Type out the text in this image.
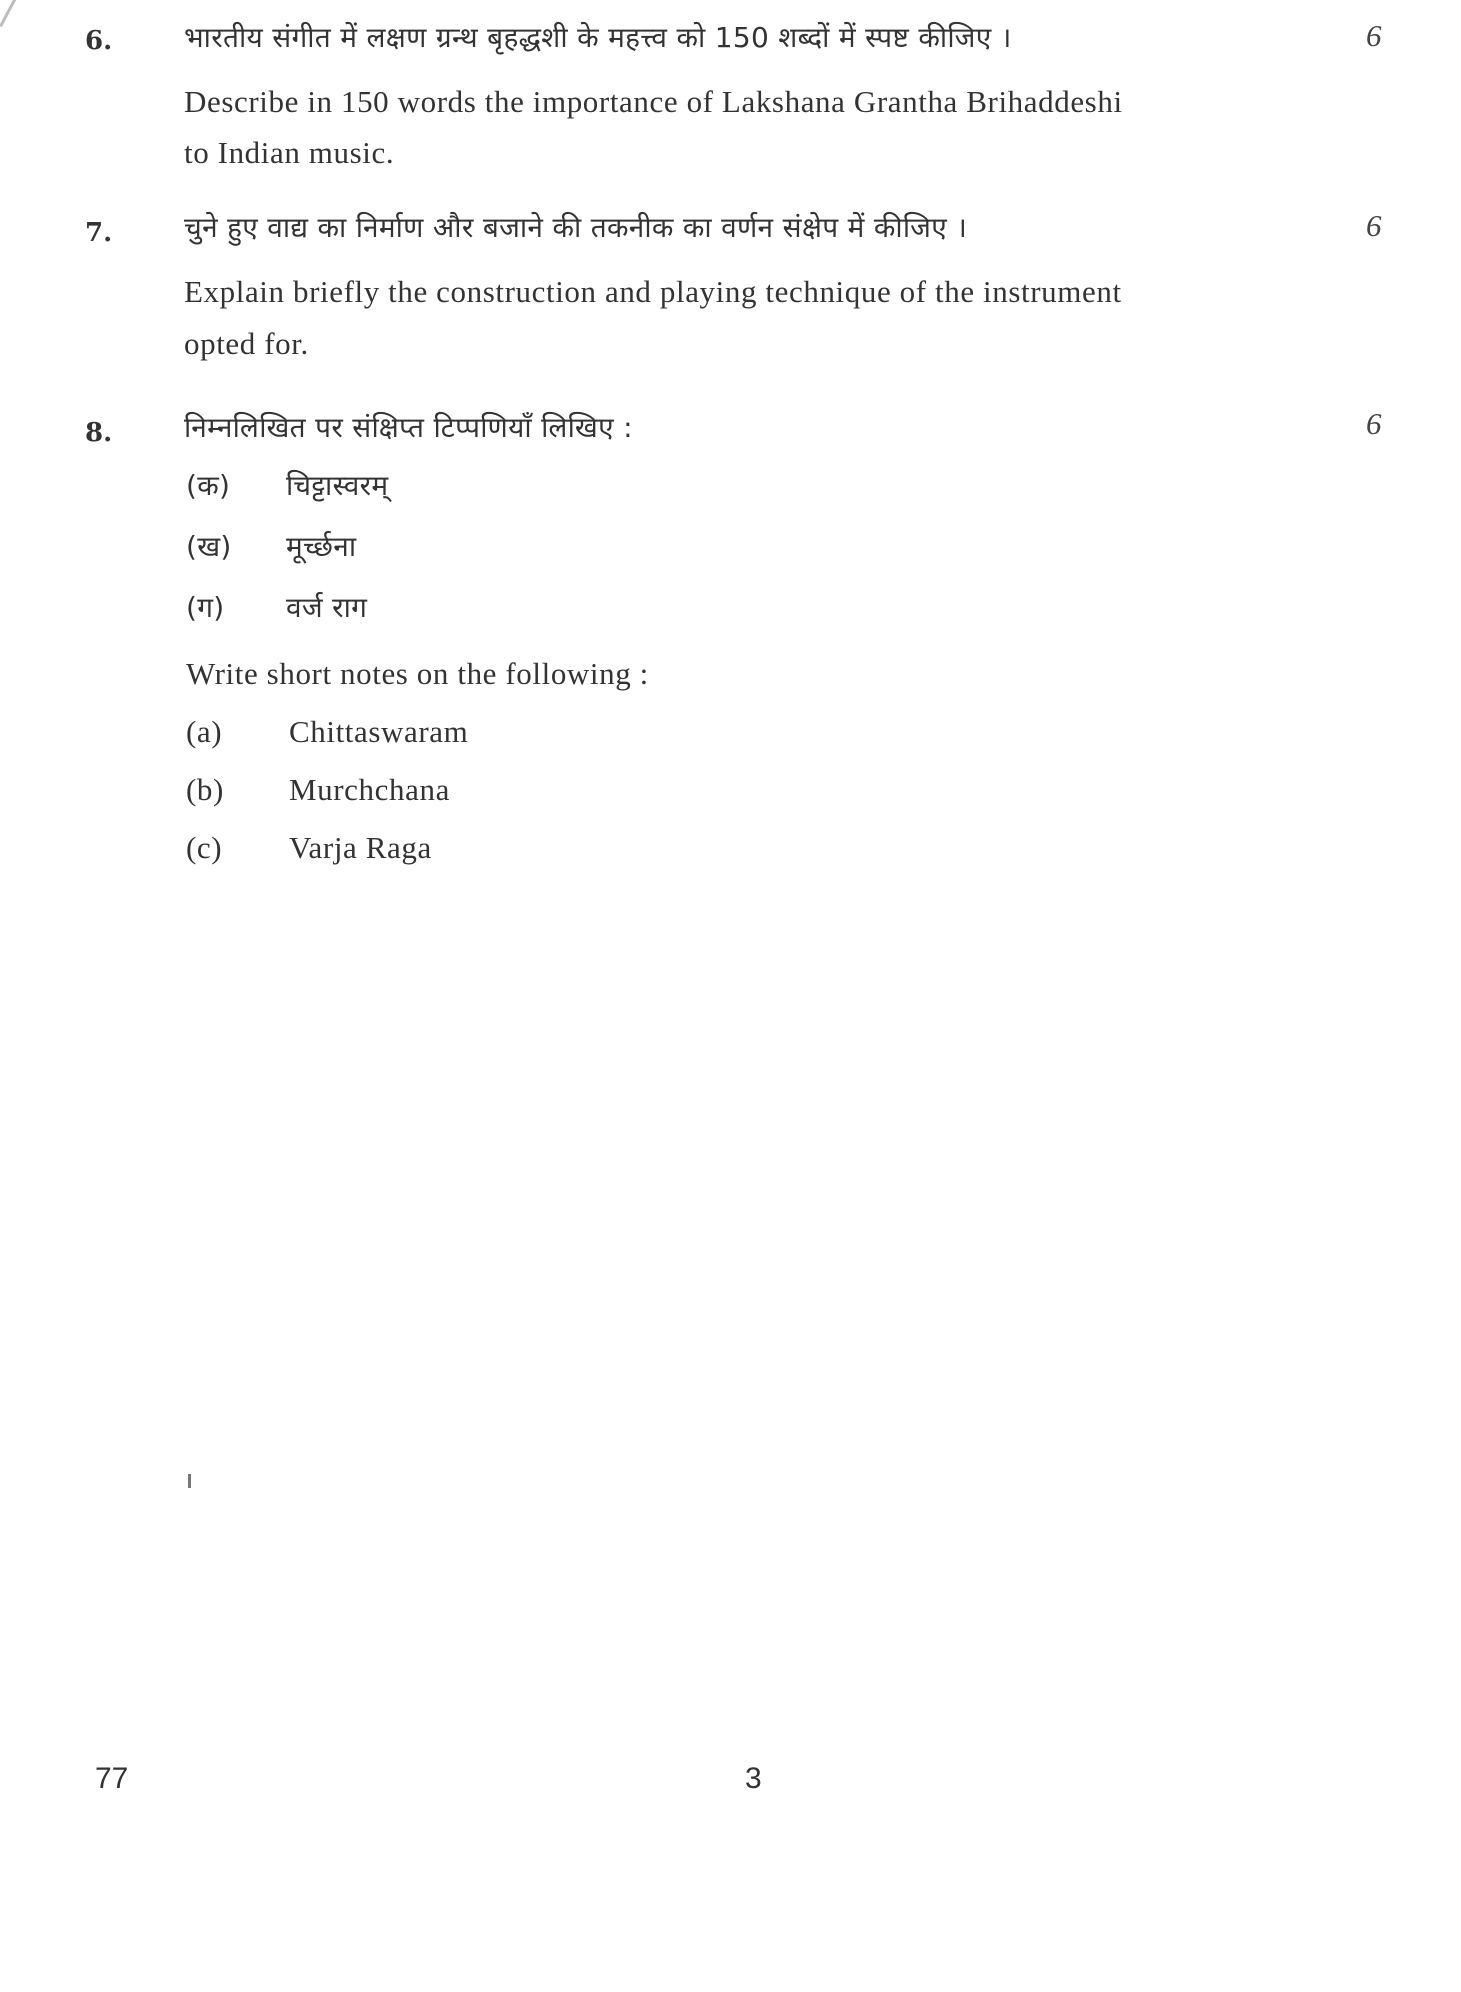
6.	भारतीय संगीत में लक्षण ग्रन्थ बृहद्धशी के महत्त्व को 150 शब्दों में स्पष्ट कीजिए ।	6
Describe in 150 words the importance of Lakshana Grantha Brihaddeshi
to Indian music.
7.	चुने हुए वाद्य का निर्माण और बजाने की तकनीक का वर्णन संक्षेप में कीजिए ।	6
Explain briefly the construction and playing technique of the instrument
opted for.
8.	निम्नलिखित पर संक्षिप्त टिप्पणियाँ लिखिए :	6
(क) चिट्टास्वरम्
(ख) मूर्च्छना
(ग) वर्ज राग
Write short notes on the following :
(a) Chittaswaram
(b) Murchchana
(c) Varja Raga
77	3
